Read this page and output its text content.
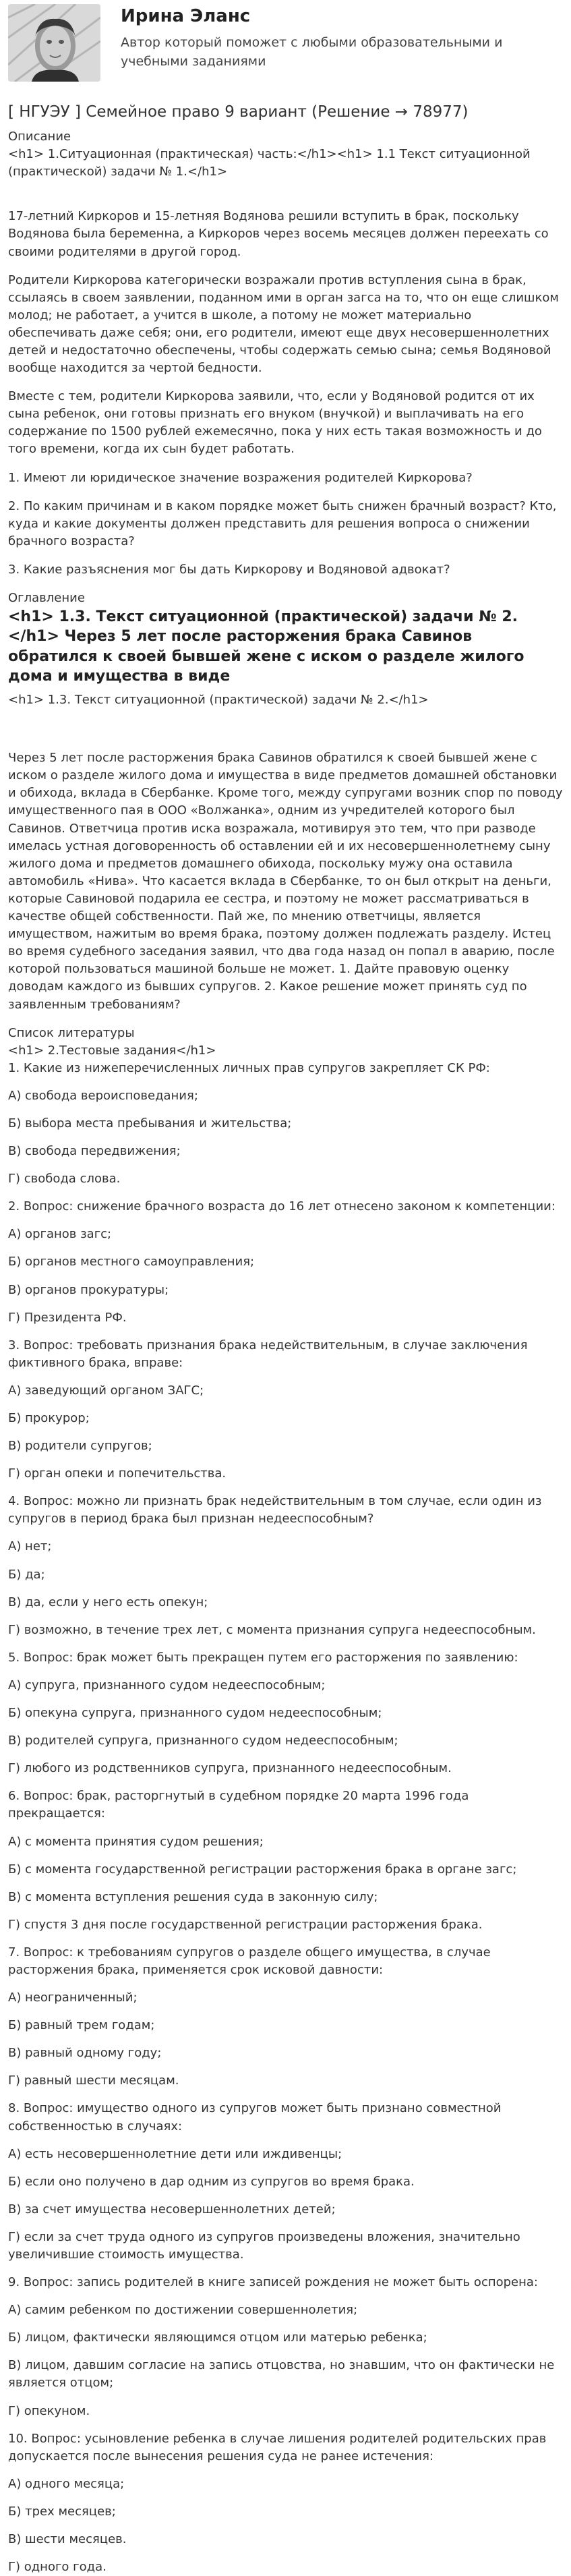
Ирина Эланс
Автор который поможет с любыми образовательными и учебными заданиями
[ НГУЭУ ] Семейное право 9 вариант (Решение → 78977)
Описание
<h1> 1.Ситуационная (практическая) часть:</h1><h1> 1.1 Текст ситуационной (практической) задачи № 1.</h1>

17-летний Киркоров и 15-летняя Водянова решили вступить в брак, поскольку Водянова была беременна, а Киркоров через восемь месяцев должен переехать со своими родителями в другой город.

Родители Киркорова категорически возражали против вступления сына в брак, ссылаясь в своем заявлении, поданном ими в орган загса на то, что он еще слишком молод; не работает, а учится в школе, а потому не может материально обеспечивать даже себя; они, его родители, имеют еще двух несовершеннолетних детей и недостаточно обеспечены, чтобы содержать семью сына; семья Водяновой вообще находится за чертой бедности.

Вместе с тем, родители Киркорова заявили, что, если у Водяновой родится от их сына ребенок, они готовы признать его внуком (внучкой) и выплачивать на его содержание по 1500 рублей ежемесячно, пока у них есть такая возможность и до того времени, когда их сын будет работать.

1. Имеют ли юридическое значение возражения родителей Киркорова?

2. По каким причинам и в каком порядке может быть снижен брачный возраст? Кто, куда и какие документы должен представить для решения вопроса о снижении брачного возраста?

3. Какие разъяснения мог бы дать Киркорову и Водяновой адвокат?

Оглавление
<h1> 1.3. Текст ситуационной (практической) задачи № 2.</h1> Через 5 лет после расторжения брака Савинов обратился к своей бывшей жене с иском о разделе жилого дома и имущества в виде
<h1> 1.3. Текст ситуационной (практической) задачи № 2.</h1>

Через 5 лет после расторжения брака Савинов обратился к своей бывшей жене с иском о разделе жилого дома и имущества в виде предметов домашней обстановки и обихода, вклада в Сбербанке. Кроме того, между супругами возник спор по поводу имущественного пая в ООО «Волжанка», одним из учредителей которого был Савинов. Ответчица против иска возражала, мотивируя это тем, что при разводе имелась устная договоренность об оставлении ей и их несовершеннолетнему сыну жилого дома и предметов домашнего обихода, поскольку мужу она оставила автомобиль «Нива». Что касается вклада в Сбербанке, то он был открыт на деньги, которые Савиновой подарила ее сестра, и поэтому не может рассматриваться в качестве общей собственности. Пай же, по мнению ответчицы, является имуществом, нажитым во время брака, поэтому должен подлежать разделу. Истец во время судебного заседания заявил, что два года назад он попал в аварию, после которой пользоваться машиной больше не может. 1. Дайте правовую оценку доводам каждого из бывших супругов. 2. Какое решение может принять суд по заявленным требованиям?

Список литературы
<h1> 2.Тестовые задания</h1>

1. Какие из нижеперечисленных личных прав супругов закрепляет СК РФ:

А) свобода вероисповедания;

Б) выбора места пребывания и жительства;

В) свобода передвижения;

Г) свобода слова.

2. Вопрос: снижение брачного возраста до 16 лет отнесено законом к компетенции:

А) органов загс;

Б) органов местного самоуправления;

В) органов прокуратуры;

Г) Президента РФ.

3. Вопрос: требовать признания брака недействительным, в случае заключения фиктивного брака, вправе:

А) заведующий органом ЗАГС;

Б) прокурор;

В) родители супругов;

Г) орган опеки и попечительства.

4. Вопрос: можно ли признать брак недействительным в том случае, если один из супругов в период брака был признан недееспособным?

А) нет;

Б) да;

В) да, если у него есть опекун;

Г) возможно, в течение трех лет, с момента признания супруга недееспособным.

5. Вопрос: брак может быть прекращен путем его расторжения по заявлению:

А) супруга, признанного судом недееспособным;

Б) опекуна супруга, признанного судом недееспособным;

В) родителей супруга, признанного судом недееспособным;

Г) любого из родственников супруга, признанного недееспособным.

6. Вопрос: брак, расторгнутый в судебном порядке 20 марта 1996 года прекращается:

А) с момента принятия судом решения;

Б) с момента государственной регистрации расторжения брака в органе загс;

В) с момента вступления решения суда в законную силу;

Г) спустя 3 дня после государственной регистрации расторжения брака.

7. Вопрос: к требованиям супругов о разделе общего имущества, в случае расторжения брака, применяется срок исковой давности:

А) неограниченный;

Б) равный трем годам;

В) равный одному году;

Г) равный шести месяцам.

8. Вопрос: имущество одного из супругов может быть признано совместной собственностью в случаях:

А) есть несовершеннолетние дети или иждивенцы;

Б) если оно получено в дар одним из супругов во время брака.

В) за счет имущества несовершеннолетних детей;

Г) если за счет труда одного из супругов произведены вложения, значительно увеличившие стоимость имущества.

9. Вопрос: запись родителей в книге записей рождения не может быть оспорена:

А) самим ребенком по достижении совершеннолетия;

Б) лицом, фактически являющимся отцом или матерью ребенка;

В) лицом, давшим согласие на запись отцовства, но знавшим, что он фактически не является отцом;

Г) опекуном.

10. Вопрос: усыновление ребенка в случае лишения родителей родительских прав допускается после вынесения решения суда не ранее истечения:

А) одного месяца;

Б) трех месяцев;

В) шести месяцев.

Г) одного года.
